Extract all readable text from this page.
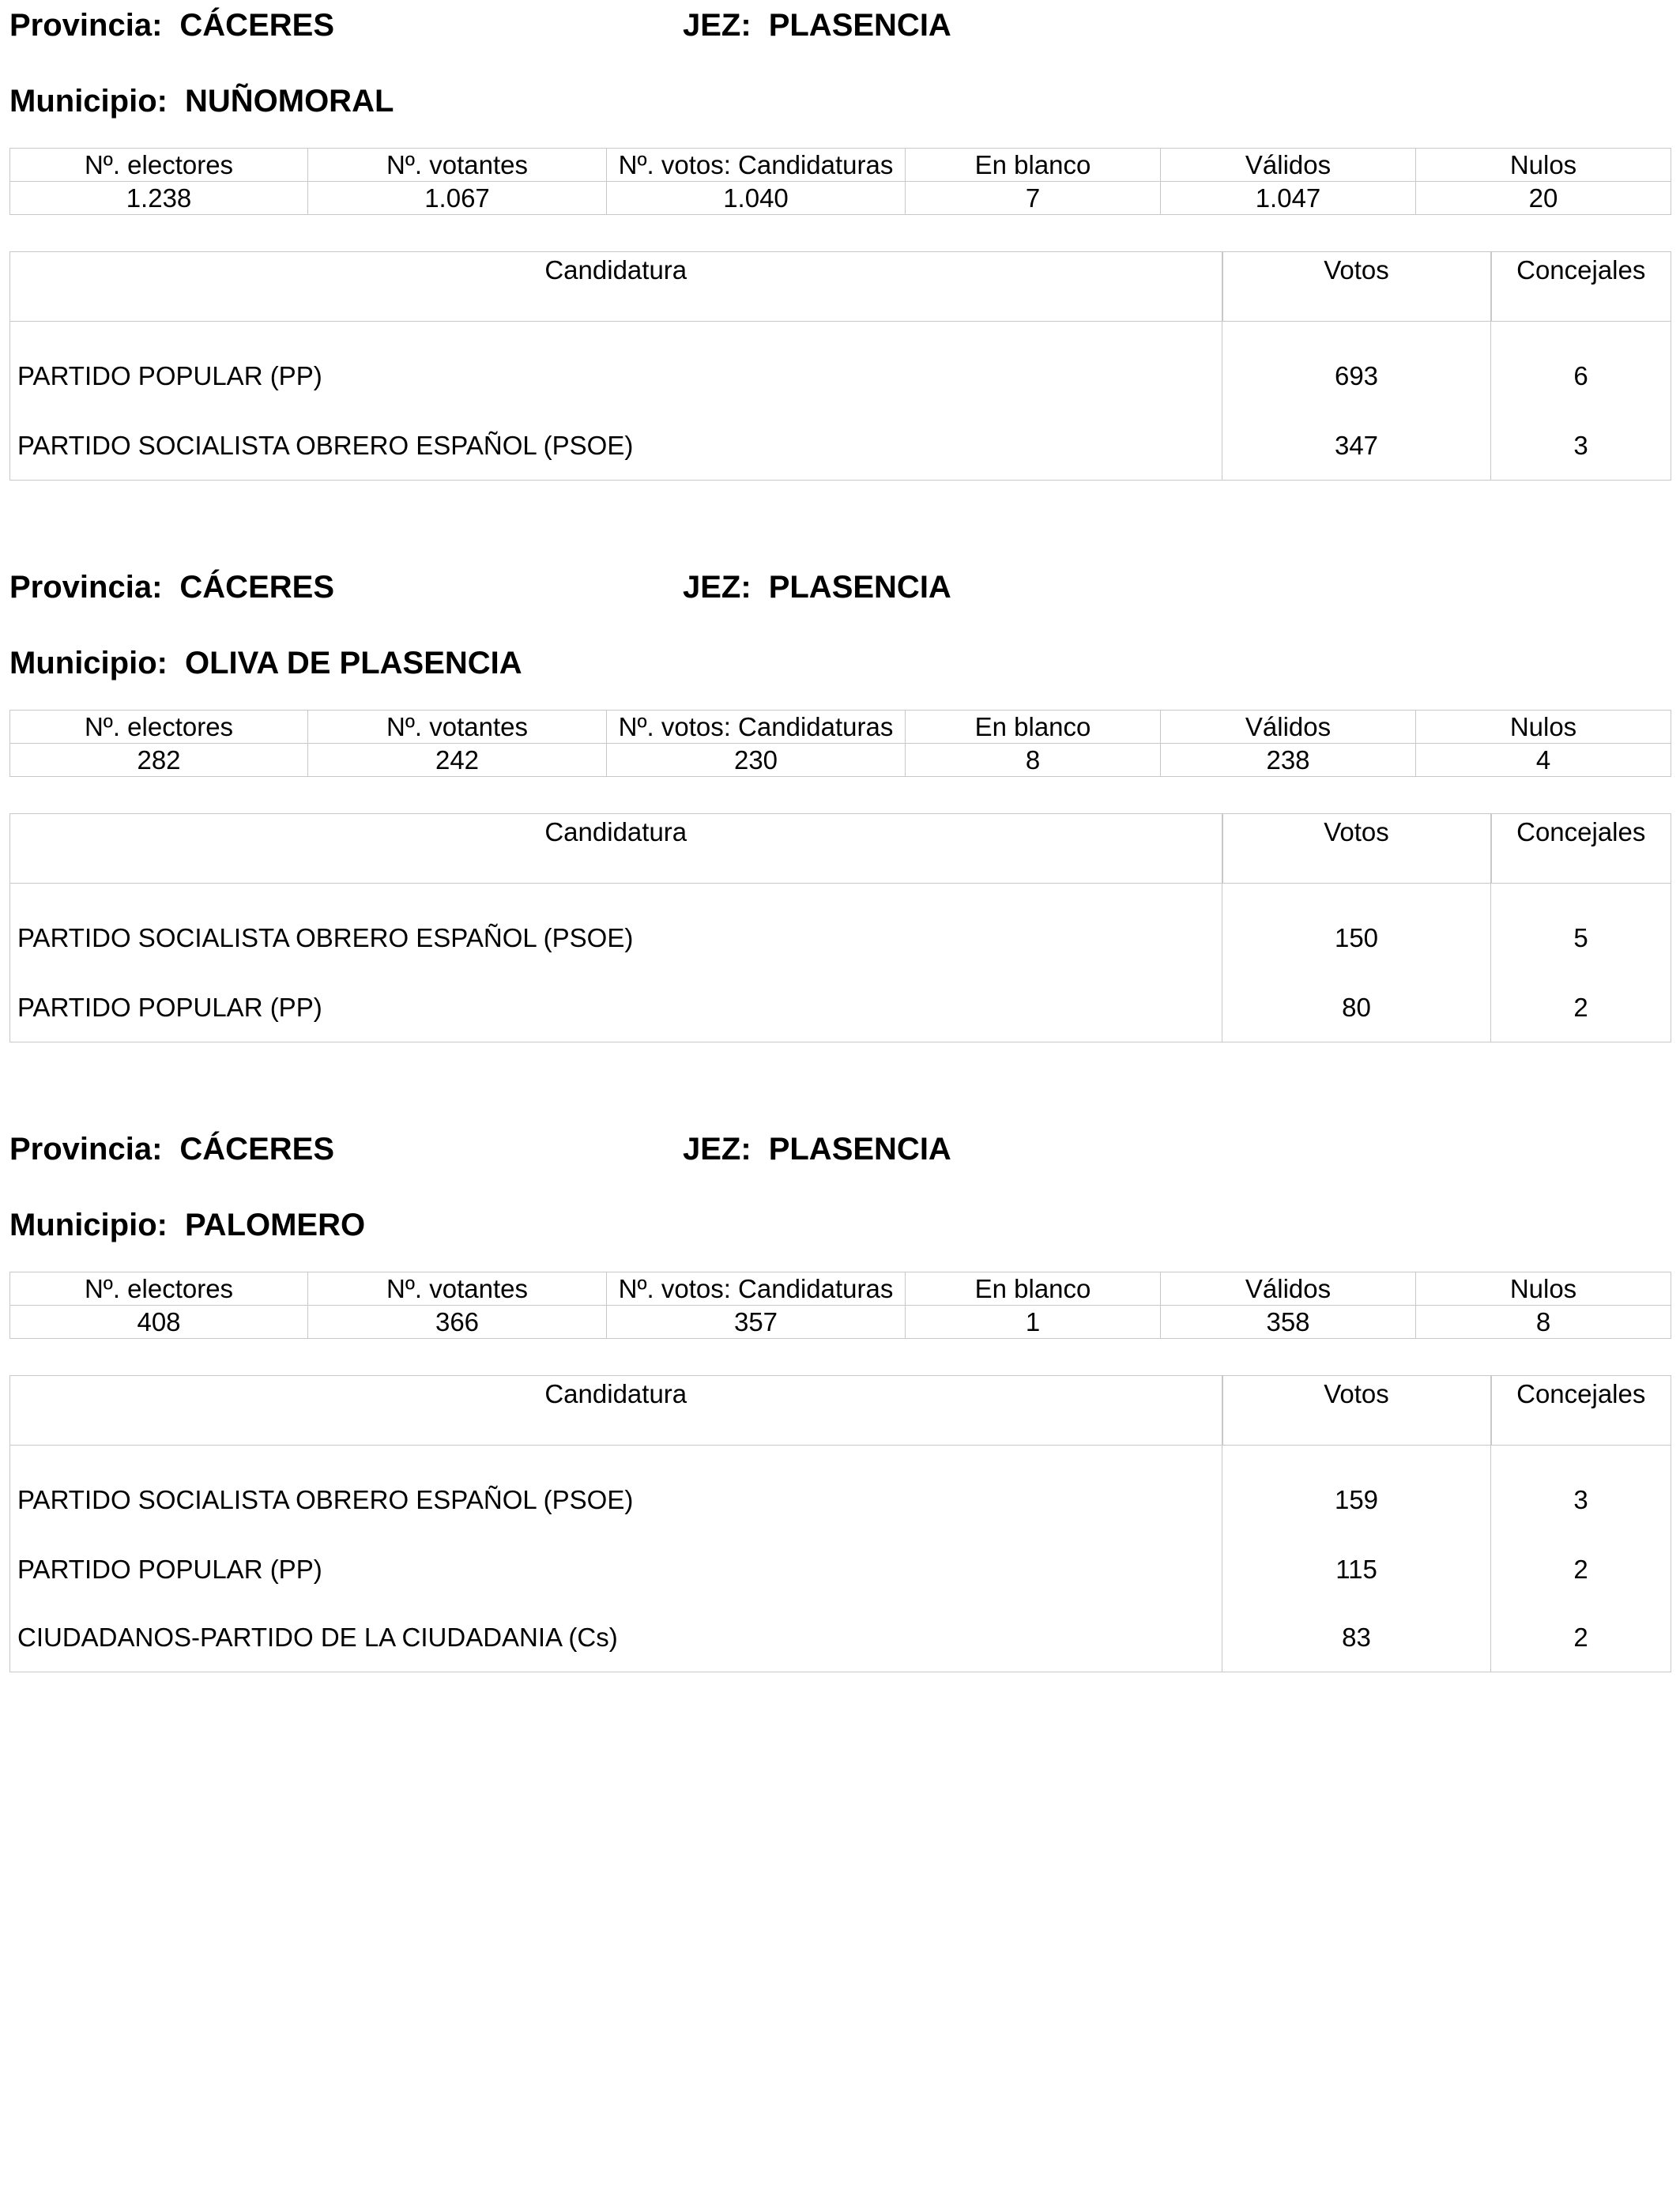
Provincia: CÁCERES	JEZ: PLASENCIA
Municipio: NUÑOMORAL
Nº. electores	Nº. votantes	Nº. votos: Candidaturas	En blanco	Válidos	Nulos
1.238	1.067	1.040	7	1.047	20
Candidatura	Votos	Concejales
PARTIDO POPULAR (PP)	693	6
PARTIDO SOCIALISTA OBRERO ESPAÑOL (PSOE)	347	3
Provincia: CÁCERES	JEZ: PLASENCIA
Municipio: OLIVA DE PLASENCIA
Nº. electores	Nº. votantes	Nº. votos: Candidaturas	En blanco	Válidos	Nulos
282	242	230	8	238	4
Candidatura	Votos	Concejales
PARTIDO SOCIALISTA OBRERO ESPAÑOL (PSOE)	150	5
PARTIDO POPULAR (PP)	80	2
Provincia: CÁCERES	JEZ: PLASENCIA
Municipio: PALOMERO
Nº. electores	Nº. votantes	Nº. votos: Candidaturas	En blanco	Válidos	Nulos
408	366	357	1	358	8
Candidatura	Votos	Concejales
PARTIDO SOCIALISTA OBRERO ESPAÑOL (PSOE)	159	3
PARTIDO POPULAR (PP)	115	2
CIUDADANOS-PARTIDO DE LA CIUDADANIA (Cs)	83	2
